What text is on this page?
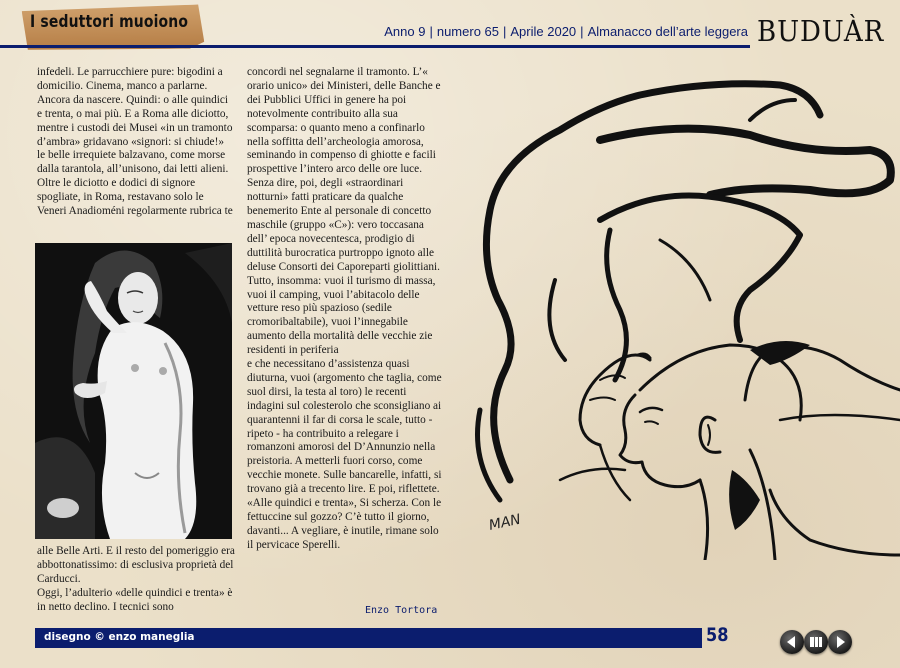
I seduttori muoiono	Anno 9 | numero 65 | Aprile 2020 | Almanacco dell’arte leggera BUDUÀR

infedeli. Le parrucchiere pure: bigodini a domicilio. Cinema, manco a parlarne. Ancora da nascere. Quindi: o alle quindici e trenta, o mai più. E a Roma alle diciotto, mentre i custodi dei Musei «in un tramonto d’ambra» gridavano «signori: si chiude!» le belle irrequiete balzavano, come morse dalla tarantola, all’unisono, dai letti alieni. Oltre le diciotto e dodici di signore spogliate, in Roma, restavano solo le Veneri Anadioméni regolarmente rubrica te

alle Belle Arti. E il resto del pomeriggio era abbottonatissimo: di esclusiva proprietà del Carducci.

Oggi, l’adulterio «delle quindici e trenta» è in netto declino. I tecnici sono

concordi nel segnalarne il tramonto. L’« orario unico» dei Ministeri, delle Banche e dei Pubblici Uffici in genere ha poi notevolmente contribuito alla sua scomparsa: o quanto meno a confinarlo nella soffitta dell’archeologia amorosa, seminando in compenso di ghiotte e facili prospettive l’intero arco delle ore luce. Senza dire, poi, degli «straordinari notturni» fatti praticare da qualche benemerito Ente al personale di concetto maschile (gruppo «C»): vero toccasana dell’ epoca novecentesca, prodigio di duttilità burocratica purtroppo ignoto alle deluse Consorti dei Caporeparti giolittiani. Tutto, insomma: vuoi il turismo di massa, vuoi il camping, vuoi l’abitacolo delle vetture reso più spazioso (sedile cromoribaltabile), vuoi l’innegabile aumento della mortalità delle vecchie zie residenti in periferia

e che necessitano d’assistenza quasi diuturna, vuoi (argomento che taglia, come suol dirsi, la testa al toro) le recenti indagini sul colesterolo che sconsigliano ai quarantenni il far di corsa le scale, tutto - ripeto - ha contribuito a relegare i romanzoni amorosi del D’Annunzio nella preistoria. A metterli fuori corso, come vecchie monete. Sulle bancarelle, infatti, si trovano già a trecento lire. E poi, riflettete. «Alle quindici e trenta», Si scherza. Con le fettuccine sul gozzo? C’è tutto il giorno, davanti... A vegliare, è inutile, rimane solo il pervicace Sperelli.

Enzo Tortora
MAN
disegno © enzo maneglia	58
